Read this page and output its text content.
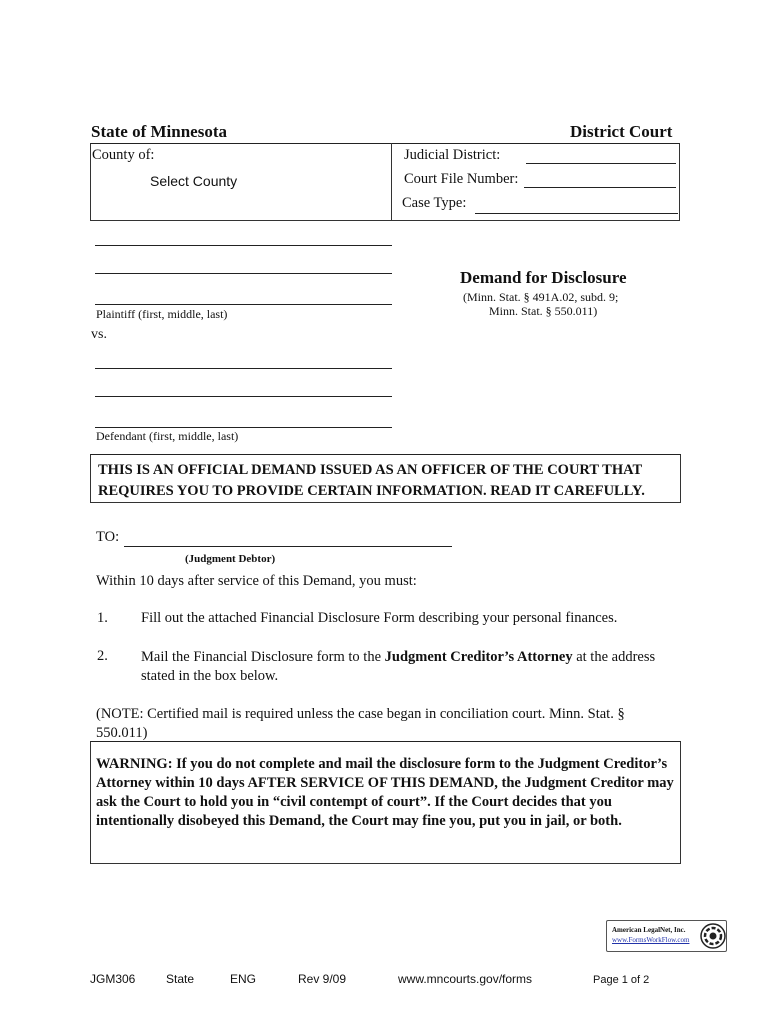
State of Minnesota	District Court
County of:
Select County
Judicial District:
Court File Number:
Case Type:
Plaintiff (first, middle, last)
vs.
Demand for Disclosure
(Minn. Stat. § 491A.02, subd. 9;
Minn. Stat. § 550.011)
Defendant (first, middle, last)
THIS IS AN OFFICIAL DEMAND ISSUED AS AN OFFICER OF THE COURT THAT REQUIRES YOU TO PROVIDE CERTAIN INFORMATION. READ IT CAREFULLY.
TO:
(Judgment Debtor)
Within 10 days after service of this Demand, you must:
1. Fill out the attached Financial Disclosure Form describing your personal finances.
2. Mail the Financial Disclosure form to the Judgment Creditor’s Attorney at the address stated in the box below.
(NOTE: Certified mail is required unless the case began in conciliation court. Minn. Stat. § 550.011)
WARNING: If you do not complete and mail the disclosure form to the Judgment Creditor’s Attorney within 10 days AFTER SERVICE OF THIS DEMAND, the Judgment Creditor may ask the Court to hold you in “civil contempt of court”. If the Court decides that you intentionally disobeyed this Demand, the Court may fine you, put you in jail, or both.
American LegalNet, Inc.
www.FormsWorkFlow.com
JGM306	State	ENG	Rev 9/09	www.mncourts.gov/forms	Page 1 of 2
